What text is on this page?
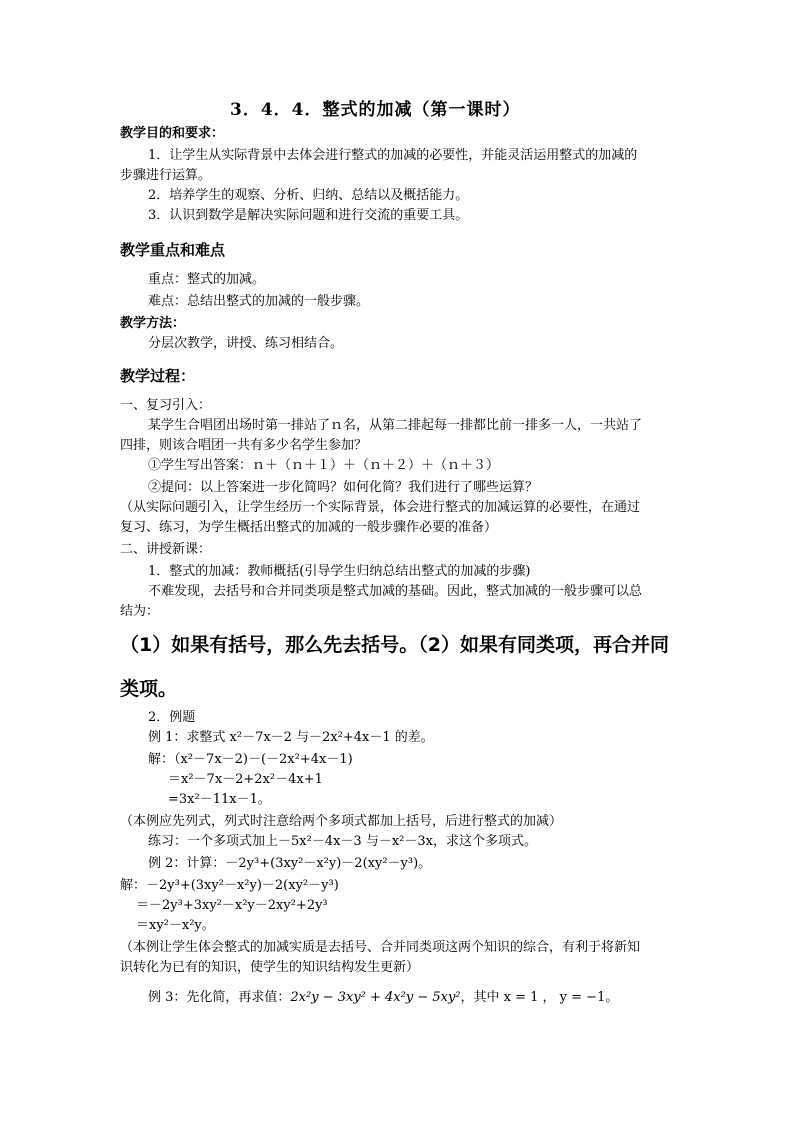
3．4．4．整式的加减（第一课时）
教学目的和要求：
1．让学生从实际背景中去体会进行整式的加减的必要性，并能灵活运用整式的加减的
步骤进行运算。
2．培养学生的观察、分析、归纳、总结以及概括能力。
3．认识到数学是解决实际问题和进行交流的重要工具。
教学重点和难点
重点：整式的加减。
难点：总结出整式的加减的一般步骤。
教学方法：
分层次教学，讲授、练习相结合。
教学过程：
一、复习引入：
某学生合唱团出场时第一排站了ｎ名，从第二排起每一排都比前一排多一人，一共站了
四排，则该合唱团一共有多少名学生参加？
①学生写出答案：ｎ＋（ｎ＋１）＋（ｎ＋２）＋（ｎ＋３）
②提问：以上答案进一步化简吗？如何化简？我们进行了哪些运算？
（从实际问题引入，让学生经历一个实际背景，体会进行整式的加减运算的必要性，在通过
复习、练习，为学生概括出整式的加减的一般步骤作必要的准备）
二、讲授新课：
1．整式的加减：教师概括(引导学生归纳总结出整式的加减的步骤)
不难发现，去括号和合并同类项是整式加减的基础。因此，整式加减的一般步骤可以总
结为：
（1）如果有括号，那么先去括号。（2）如果有同类项，再合并同
类项。
2．例题
例 1：求整式 x²－7x－2 与－2x²+4x－1 的差。
解：（x²－7x－2)－(－2x²+4x－1)
＝x²－7x－2+2x²－4x+1
=3x²－11x－1。
（本例应先列式，列式时注意给两个多项式都加上括号，后进行整式的加减）
练习：一个多项式加上－5x²－4x－3 与－x²－3x，求这个多项式。
例 2：计算：－2y³+(3xy²－x²y)－2(xy²－y³)。
解：－2y³+(3xy²－x²y)－2(xy²－y³)
＝－2y³+3xy²－x²y－2xy²+2y³
＝xy²－x²y。
（本例让学生体会整式的加减实质是去括号、合并同类项这两个知识的综合，有利于将新知
识转化为已有的知识，使学生的知识结构发生更新）
例 3：先化简，再求值：2x²y − 3xy² + 4x²y − 5xy²，其中 x = 1 ， y = −1。
